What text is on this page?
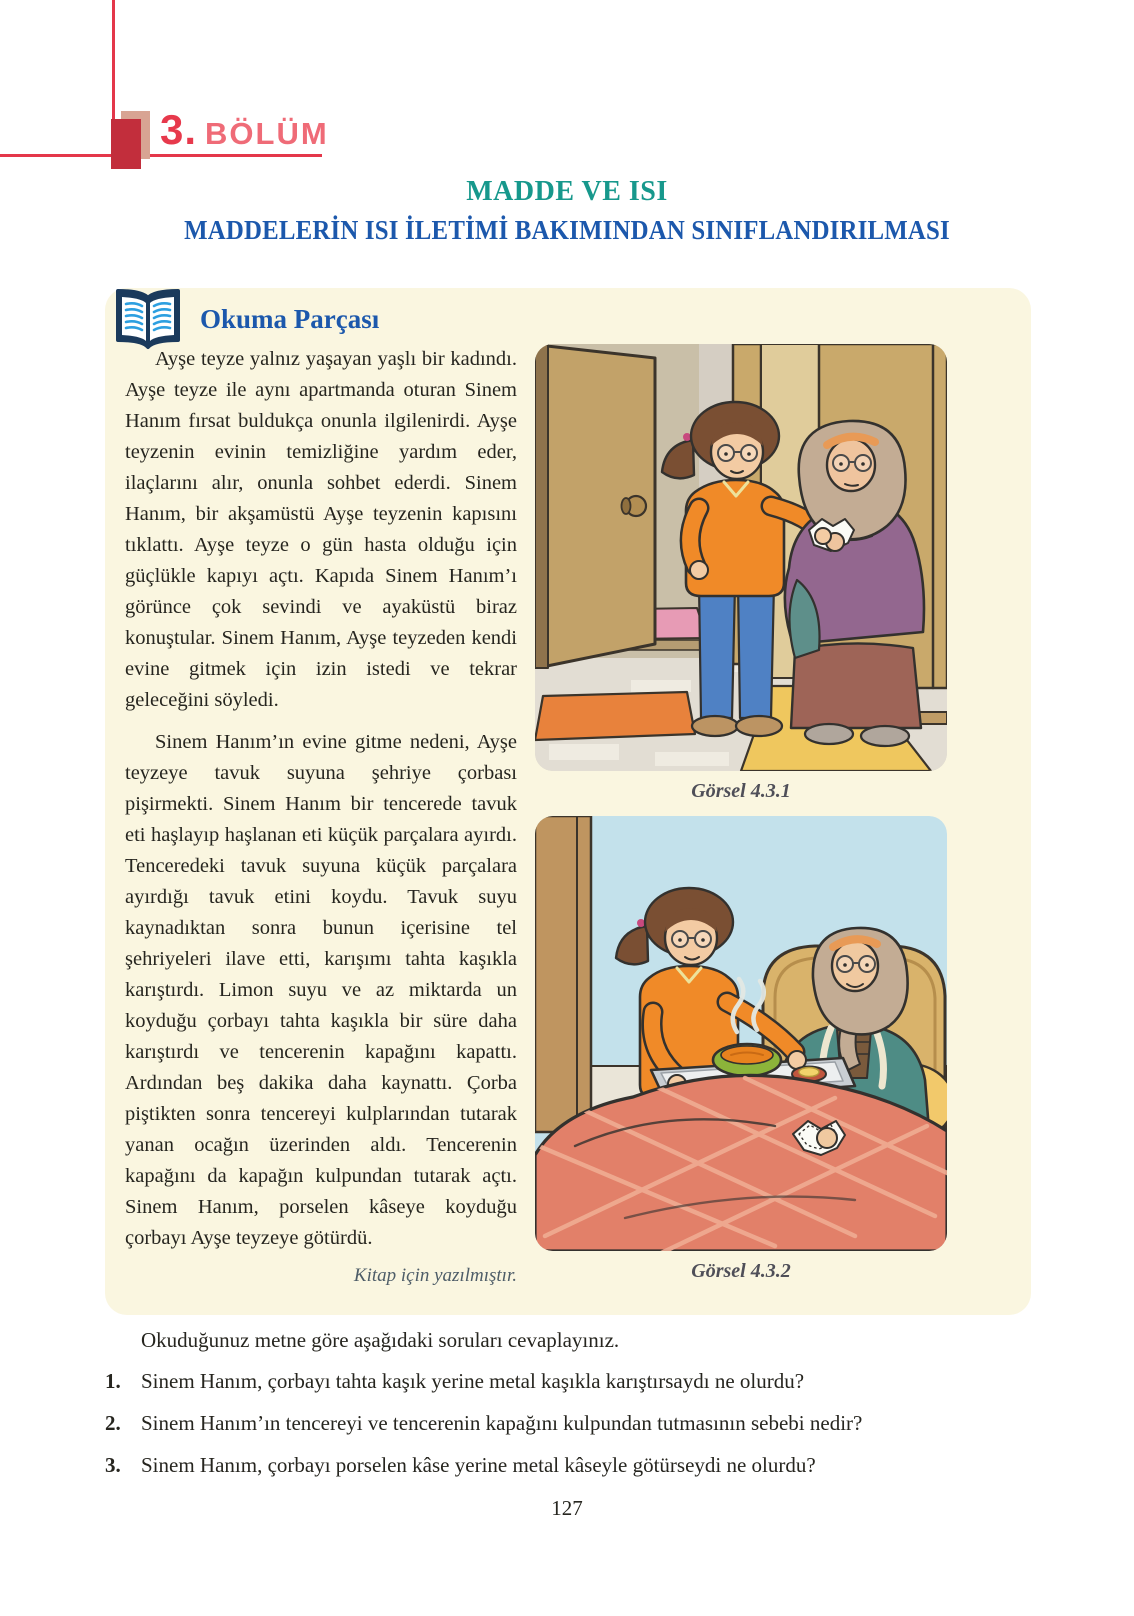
3. BÖLÜM
MADDE VE ISI
MADDELERİN ISI İLETİMİ BAKIMINDAN SINIFLANDIRILMASI
Okuma Parçası

Ayşe teyze yalnız yaşayan yaşlı bir kadındı. Ayşe teyze ile aynı apartmanda oturan Sinem Hanım fırsat buldukça onunla ilgilenirdi. Ayşe teyzenin evinin temizliğine yardım eder, ilaçlarını alır, onunla sohbet ederdi. Sinem Hanım, bir akşamüstü Ayşe teyzenin kapısını tıklattı. Ayşe teyze o gün hasta olduğu için güçlükle kapıyı açtı. Kapıda Sinem Hanım’ı görünce çok sevindi ve ayaküstü biraz konuştular. Sinem Hanım, Ayşe teyzeden kendi evine gitmek için izin istedi ve tekrar geleceğini söyledi.

Sinem Hanım’ın evine gitme nedeni, Ayşe teyzeye tavuk suyuna şehriye çorbası pişirmekti. Sinem Hanım bir tencerede tavuk eti haşlayıp haşlanan eti küçük parçalara ayırdı. Tenceredeki tavuk suyuna küçük parçalara ayırdığı tavuk etini koydu. Tavuk suyu kaynadıktan sonra bunun içerisine tel şehriyeleri ilave etti, karışımı tahta kaşıkla karıştırdı. Limon suyu ve az miktarda un koyduğu çorbayı tahta kaşıkla bir süre daha karıştırdı ve tencerenin kapağını kapattı. Ardından beş dakika daha kaynattı. Çorba piştikten sonra tencereyi kulplarından tutarak yanan ocağın üzerinden aldı. Tencerenin kapağını da kapağın kulpundan tutarak açtı. Sinem Hanım, porselen kâseye koyduğu çorbayı Ayşe teyzeye götürdü.

Kitap için yazılmıştır.
Görsel 4.3.1
Görsel 4.3.2

Okuduğunuz metne göre aşağıdaki soruları cevaplayınız.

1. Sinem Hanım, çorbayı tahta kaşık yerine metal kaşıkla karıştırsaydı ne olurdu?
2. Sinem Hanım’ın tencereyi ve tencerenin kapağını kulpundan tutmasının sebebi nedir?
3. Sinem Hanım, çorbayı porselen kâse yerine metal kâseyle götürseydi ne olurdu?
127
